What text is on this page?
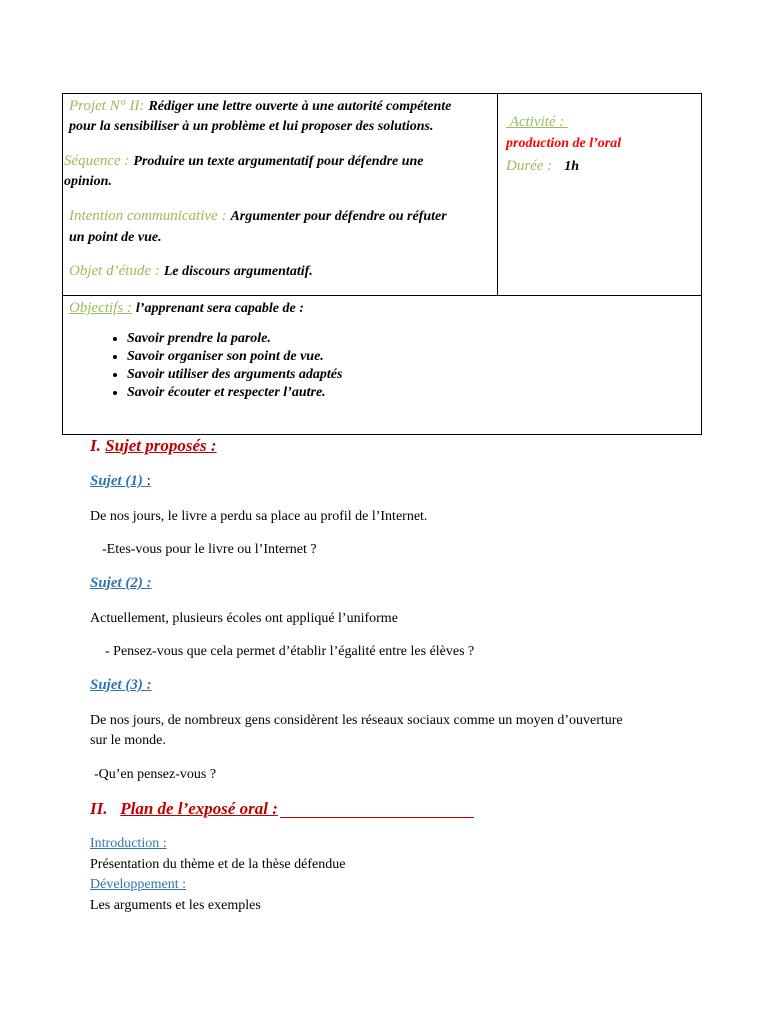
Projet N° II: Rédiger une lettre ouverte à une autorité compétente
pour la sensibiliser à un problème et lui proposer des solutions.
Séquence : Produire un texte argumentatif pour défendre une
opinion.
Intention communicative : Argumenter pour défendre ou réfuter
un point de vue.
Objet d’étude : Le discours argumentatif.
Activité :
production de l’oral
Durée : 1h
Objectifs : l’apprenant sera capable de :
• Savoir prendre la parole.
• Savoir organiser son point de vue.
• Savoir utiliser des arguments adaptés
• Savoir écouter et respecter l’autre.
I. Sujet proposés :
Sujet (1) :
De nos jours, le livre a perdu sa place au profil de l’Internet.
-Etes-vous pour le livre ou l’Internet ?
Sujet (2) :
Actuellement, plusieurs écoles ont appliqué l’uniforme
- Pensez-vous que cela permet d’établir l’égalité entre les élèves ?
Sujet (3) :
De nos jours, de nombreux gens considèrent les réseaux sociaux comme un moyen d’ouverture
sur le monde.
-Qu’en pensez-vous ?
II. Plan de l’exposé oral :
Introduction :
Présentation du thème et de la thèse défendue
Développement :
Les arguments et les exemples
